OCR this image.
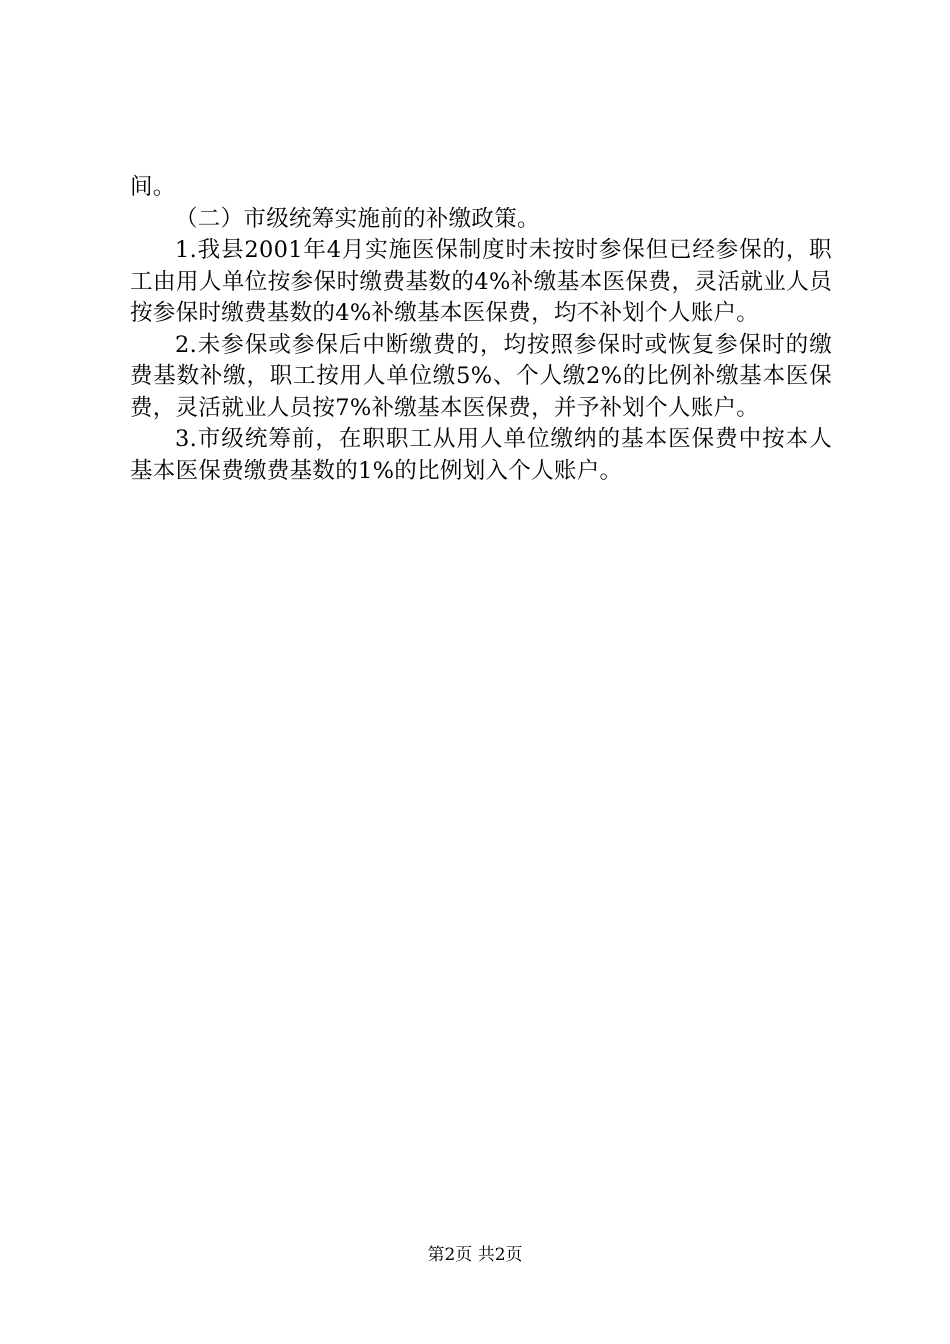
间。

（二）市级统筹实施前的补缴政策。

1.我县2001年4月实施医保制度时未按时参保但已经参保的，职工由用人单位按参保时缴费基数的4%补缴基本医保费，灵活就业人员按参保时缴费基数的4%补缴基本医保费，均不补划个人账户。

2.未参保或参保后中断缴费的，均按照参保时或恢复参保时的缴费基数补缴，职工按用人单位缴5%、个人缴2%的比例补缴基本医保费，灵活就业人员按7%补缴基本医保费，并予补划个人账户。

3.市级统筹前，在职职工从用人单位缴纳的基本医保费中按本人基本医保费缴费基数的1%的比例划入个人账户。

第2页 共2页
